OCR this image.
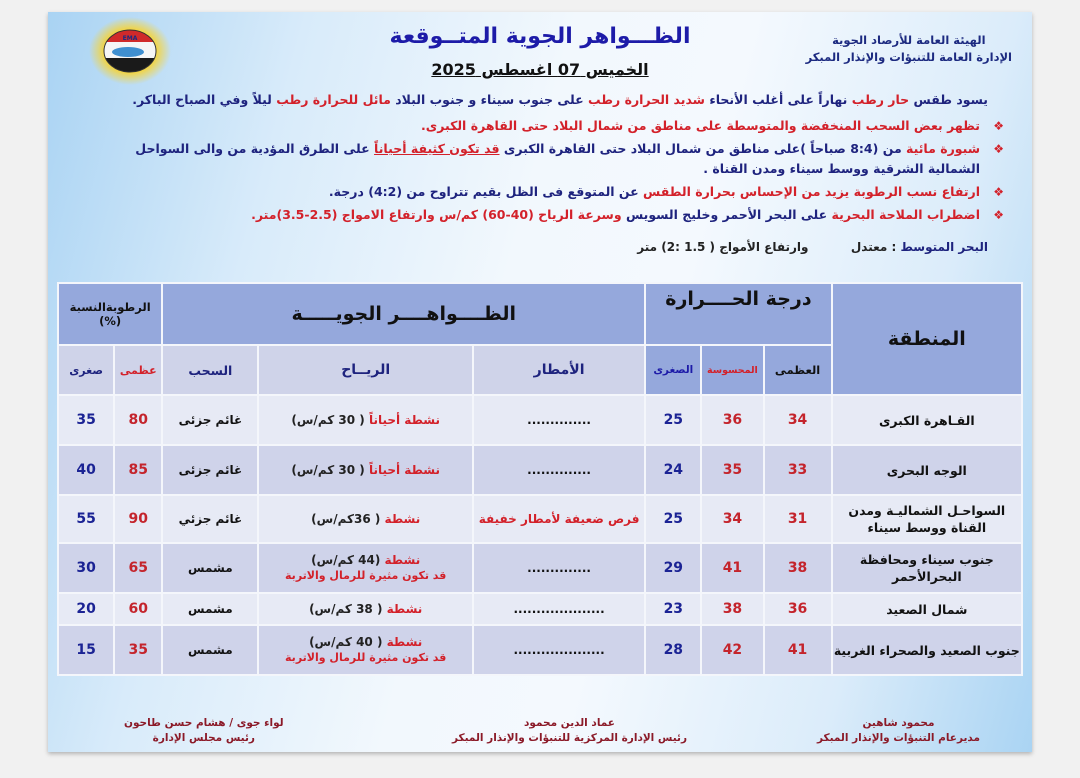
EMA	الهيئة العامة للأرصاد الجوية
الإدارة العامة للتنبؤات والإنذار المبكر
الظـــواهر الجوية المتــوقعة
الخميس 07 اغسطس 2025
يسود طقس حار رطب نهاراً على أغلب الأنحاء شديد الحرارة رطب على جنوب سيناء و جنوب البلاد مائل للحرارة رطب ليلاً وفي الصباح الباكر.
❖
تظهر بعض السحب المنخفضة والمتوسطة على مناطق من شمال البلاد حتى القاهرة الكبرى.
❖
شبورة مائية من (8:4 صباحاً )على مناطق من شمال البلاد حتى القاهرة الكبرى قد تكون كثيفة أحياناً على الطرق المؤدية من والى السواحل الشمالية الشرقية ووسط سيناء ومدن القناة .
❖
ارتفاع نسب الرطوبة يزيد من الإحساس بحرارة الطقس عن المتوقع فى الظل بقيم تتراوح من (4:2) درجة.
❖
اضطراب الملاحة البحرية على البحر الأحمر وخليج السويس وسرعة الرياح (40-60) كم/س وارتفاع الامواج (2.5-3.5)متر.
البحر المتوسط : معتدل  وارتفاع الأمواج ( 1.5 :2) متر
المنطقة	درجة الحــــرارة			الظــــواهــــر الجويـــــة			الرطوبةالنسبة (%)	
	العظمى	المحسوسة	الصغرى	الأمطار	الريــاح	السحب	عظمى	صغرى
القـاهرة الكبرى	34	36	25	..............	نشطة أحياناً ( 30 كم/س)	غائم جزئى	80	35
الوجه البحرى	33	35	24	..............	نشطة أحياناً ( 30 كم/س)	غائم جزئى	85	40
السواحـل الشماليـة ومدن القناة ووسط سيناء	31	34	25	فرص ضعيفة لأمطار خفيفة	نشطة ( 36كم/س)	غائم جزئي	90	55
جنوب سيناء ومحافظة البحرالأحمر	38	41	29	..............	نشطة (44 كم/س)
قد تكون مثيرة للرمال والاتربة	مشمس	65	30
شمال الصعيد	36	38	23	....................	نشطة ( 38 كم/س)	مشمس	60	20
جنوب الصعيد والصحراء الغربية	41	42	28	....................	نشطة ( 40 كم/س)
قد تكون مثيرة للرمال والاتربة	مشمس	35	15
محمود شاهين
مديرعام التنبؤات والإنذار المبكر
عماد الدين محمود
رئيس الإدارة المركزية للتنبؤات والإنذار المبكر
لواء جوى / هشام حسن طاحون
رئيس مجلس الإدارة
